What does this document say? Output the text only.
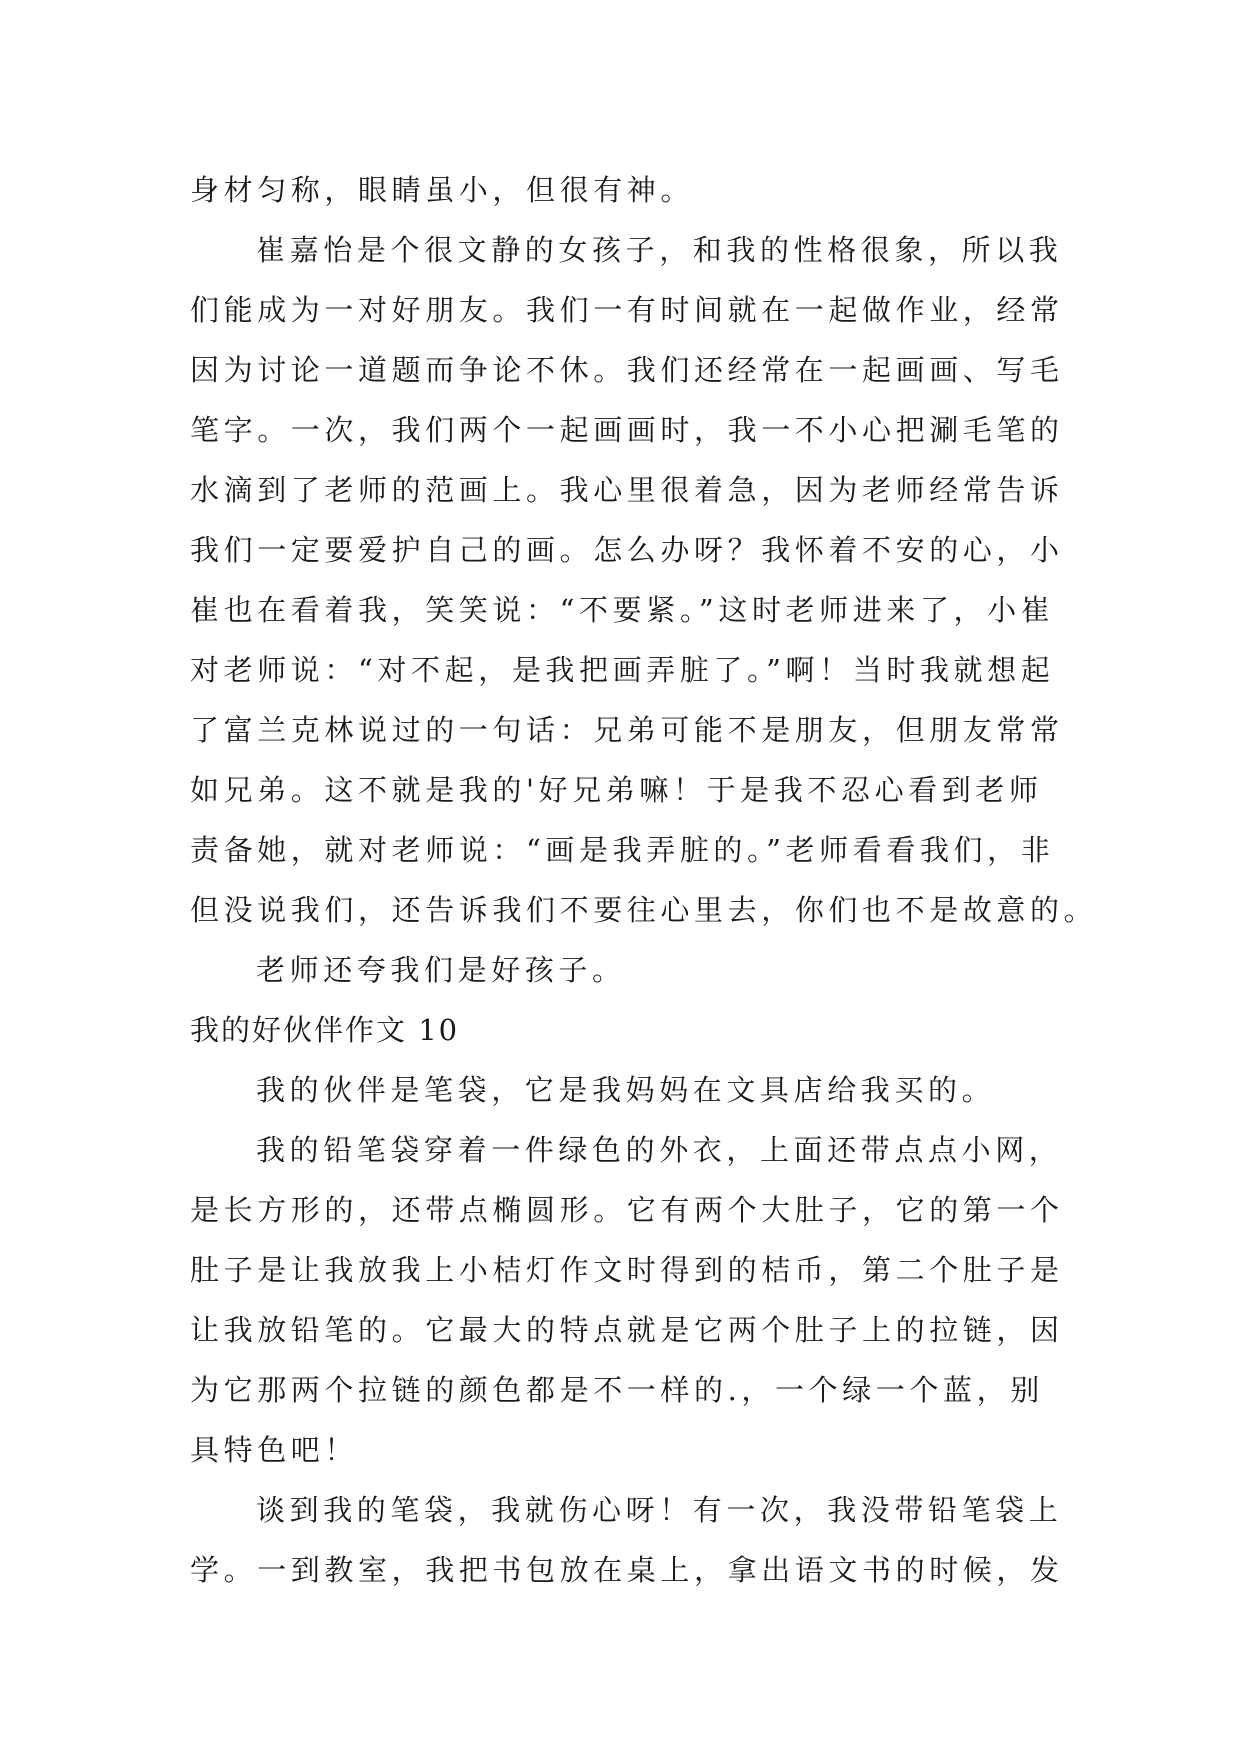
身材匀称，眼睛虽小，但很有神。
崔嘉怡是个很文静的女孩子，和我的性格很象，所以我
们能成为一对好朋友。我们一有时间就在一起做作业，经常
因为讨论一道题而争论不休。我们还经常在一起画画、写毛
笔字。一次，我们两个一起画画时，我一不小心把涮毛笔的
水滴到了老师的范画上。我心里很着急，因为老师经常告诉
我们一定要爱护自己的画。怎么办呀？我怀着不安的心，小
崔也在看着我，笑笑说：“不要紧。”这时老师进来了，小崔
对老师说：“对不起，是我把画弄脏了。”啊！当时我就想起
了富兰克林说过的一句话：兄弟可能不是朋友，但朋友常常
如兄弟。这不就是我的'好兄弟嘛！于是我不忍心看到老师
责备她，就对老师说：“画是我弄脏的。”老师看看我们，非
但没说我们，还告诉我们不要往心里去，你们也不是故意的。
老师还夸我们是好孩子。
我的好伙伴作文 10
我的伙伴是笔袋，它是我妈妈在文具店给我买的。
我的铅笔袋穿着一件绿色的外衣，上面还带点点小网，
是长方形的，还带点椭圆形。它有两个大肚子，它的第一个
肚子是让我放我上小桔灯作文时得到的桔币，第二个肚子是
让我放铅笔的。它最大的特点就是它两个肚子上的拉链，因
为它那两个拉链的颜色都是不一样的.，一个绿一个蓝，别
具特色吧！
谈到我的笔袋，我就伤心呀！有一次，我没带铅笔袋上
学。一到教室，我把书包放在桌上，拿出语文书的时候，发
